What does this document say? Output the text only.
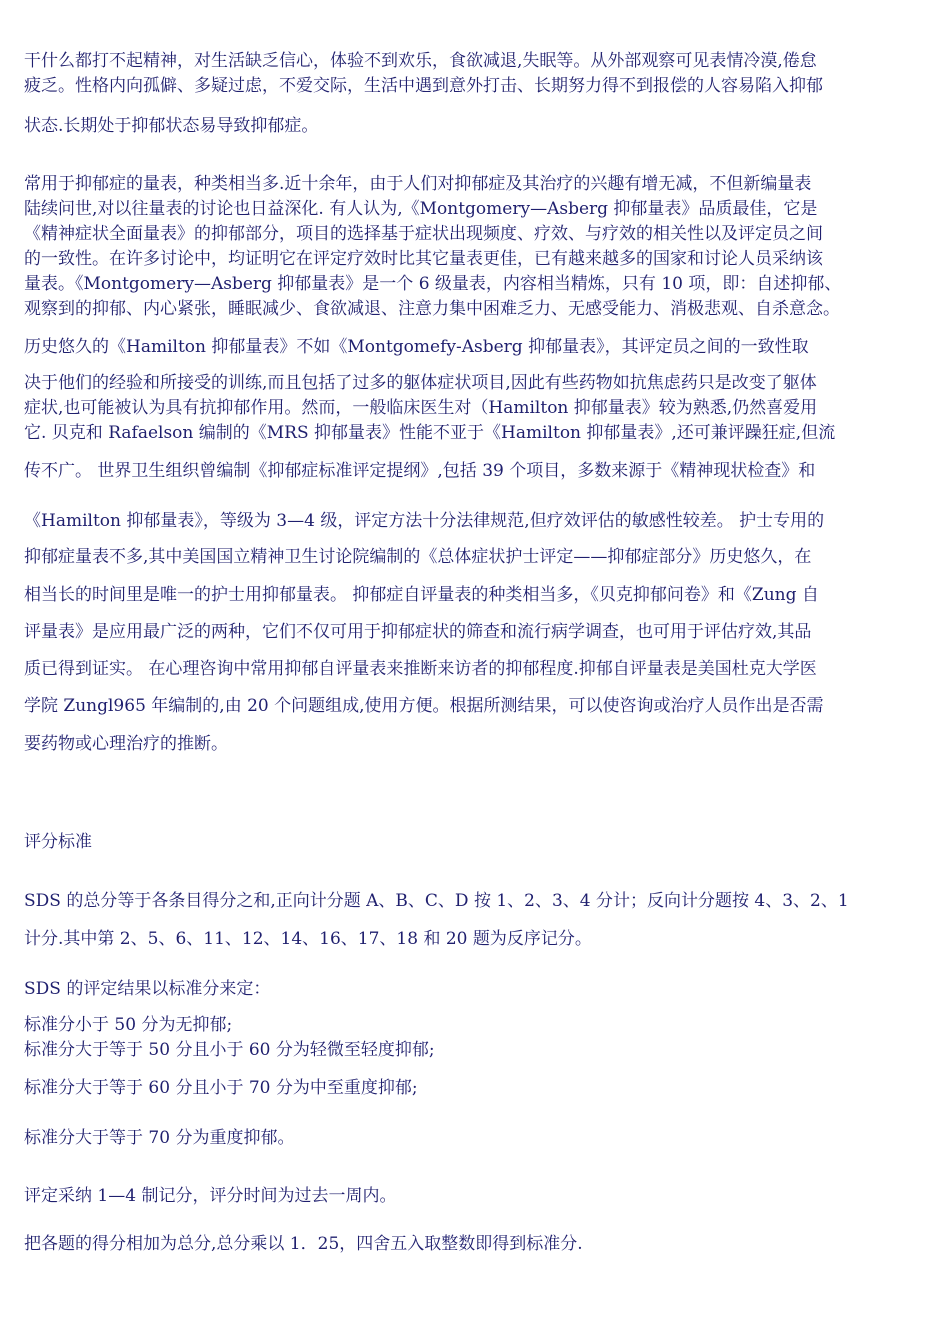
干什么都打不起精神，对生活缺乏信心，体验不到欢乐，食欲减退,失眠等。从外部观察可见表情冷漠,倦怠
疲乏。性格内向孤僻、多疑过虑，不爱交际，生活中遇到意外打击、长期努力得不到报偿的人容易陷入抑郁
状态.长期处于抑郁状态易导致抑郁症。
常用于抑郁症的量表，种类相当多.近十余年，由于人们对抑郁症及其治疗的兴趣有增无减，不但新编量表
陆续问世,对以往量表的讨论也日益深化. 有人认为,《Montgomery—Asberg 抑郁量表》品质最佳，它是
《精神症状全面量表》的抑郁部分，项目的选择基于症状出现频度、疗效、与疗效的相关性以及评定员之间
的一致性。在许多讨论中，均证明它在评定疗效时比其它量表更佳，已有越来越多的国家和讨论人员采纳该
量表。《Montgomery—Asberg 抑郁量表》是一个 6 级量表，内容相当精炼，只有 10 项，即：自述抑郁、
观察到的抑郁、内心紧张，睡眠减少、食欲减退、注意力集中困难乏力、无感受能力、消极悲观、自杀意念。
历史悠久的《Hamilton 抑郁量表》不如《Montgomefy-Asberg 抑郁量表》，其评定员之间的一致性取
决于他们的经验和所接受的训练,而且包括了过多的躯体症状项目,因此有些药物如抗焦虑药只是改变了躯体
症状,也可能被认为具有抗抑郁作用。然而，一般临床医生对（Hamilton 抑郁量表》较为熟悉,仍然喜爱用
它. 贝克和 Rafaelson 编制的《MRS 抑郁量表》性能不亚于《Hamilton 抑郁量表》,还可兼评躁狂症,但流
传不广。 世界卫生组织曾编制《抑郁症标准评定提纲》,包括 39 个项目，多数来源于《精神现状检查》和
《Hamilton 抑郁量表》，等级为 3—4 级，评定方法十分法律规范,但疗效评估的敏感性较差。 护士专用的
抑郁症量表不多,其中美国国立精神卫生讨论院编制的《总体症状护士评定——抑郁症部分》历史悠久，在
相当长的时间里是唯一的护士用抑郁量表。 抑郁症自评量表的种类相当多，《贝克抑郁问卷》和《Zung 自
评量表》是应用最广泛的两种，它们不仅可用于抑郁症状的筛查和流行病学调查，也可用于评估疗效,其品
质已得到证实。 在心理咨询中常用抑郁自评量表来推断来访者的抑郁程度.抑郁自评量表是美国杜克大学医
学院 Zungl965 年编制的,由 20 个问题组成,使用方便。根据所测结果，可以使咨询或治疗人员作出是否需
要药物或心理治疗的推断。
评分标准
SDS 的总分等于各条目得分之和,正向计分题 A、B、C、D 按 1、2、3、4 分计；反向计分题按 4、3、2、1
计分.其中第 2、5、6、11、12、14、16、17、18 和 20 题为反序记分。
SDS 的评定结果以标准分来定：
标准分小于 50 分为无抑郁;
标准分大于等于 50 分且小于 60 分为轻微至轻度抑郁;
标准分大于等于 60 分且小于 70 分为中至重度抑郁;
标准分大于等于 70 分为重度抑郁。
评定采纳 1—4 制记分，评分时间为过去一周内。
把各题的得分相加为总分,总分乘以 1．25，四舍五入取整数即得到标准分.
